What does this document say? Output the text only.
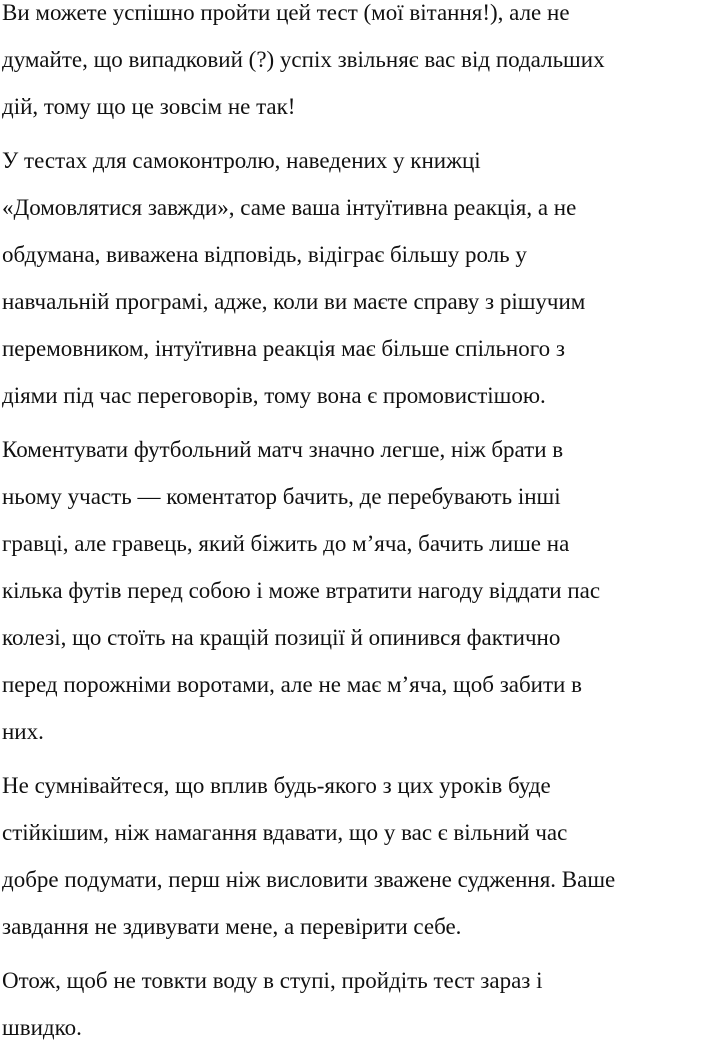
Ви можете успішно пройти цей тест (мої вітання!), але не
думайте, що випадковий (?) успіх звільняє вас від подальших
дій, тому що це зовсім не так!

У тестах для самоконтролю, наведених у книжці
«Домовлятися завжди», саме ваша інтуїтивна реакція, а не
обдумана, виважена відповідь, відіграє більшу роль у
навчальній програмі, адже, коли ви маєте справу з рішучим
перемовником, інтуїтивна реакція має більше спільного з
діями під час переговорів, тому вона є промовистішою.

Коментувати футбольний матч значно легше, ніж брати в
ньому участь — коментатор бачить, де перебувають інші
гравці, але гравець, який біжить до м’яча, бачить лише на
кілька футів перед собою і може втратити нагоду віддати пас
колезі, що стоїть на кращій позиції й опинився фактично
перед порожніми воротами, але не має м’яча, щоб забити в
них.

Не сумнівайтеся, що вплив будь-якого з цих уроків буде
стійкішим, ніж намагання вдавати, що у вас є вільний час
добре подумати, перш ніж висловити зважене судження. Ваше
завдання не здивувати мене, а перевірити себе.

Отож, щоб не товкти воду в ступі, пройдіть тест зараз і
швидко.
